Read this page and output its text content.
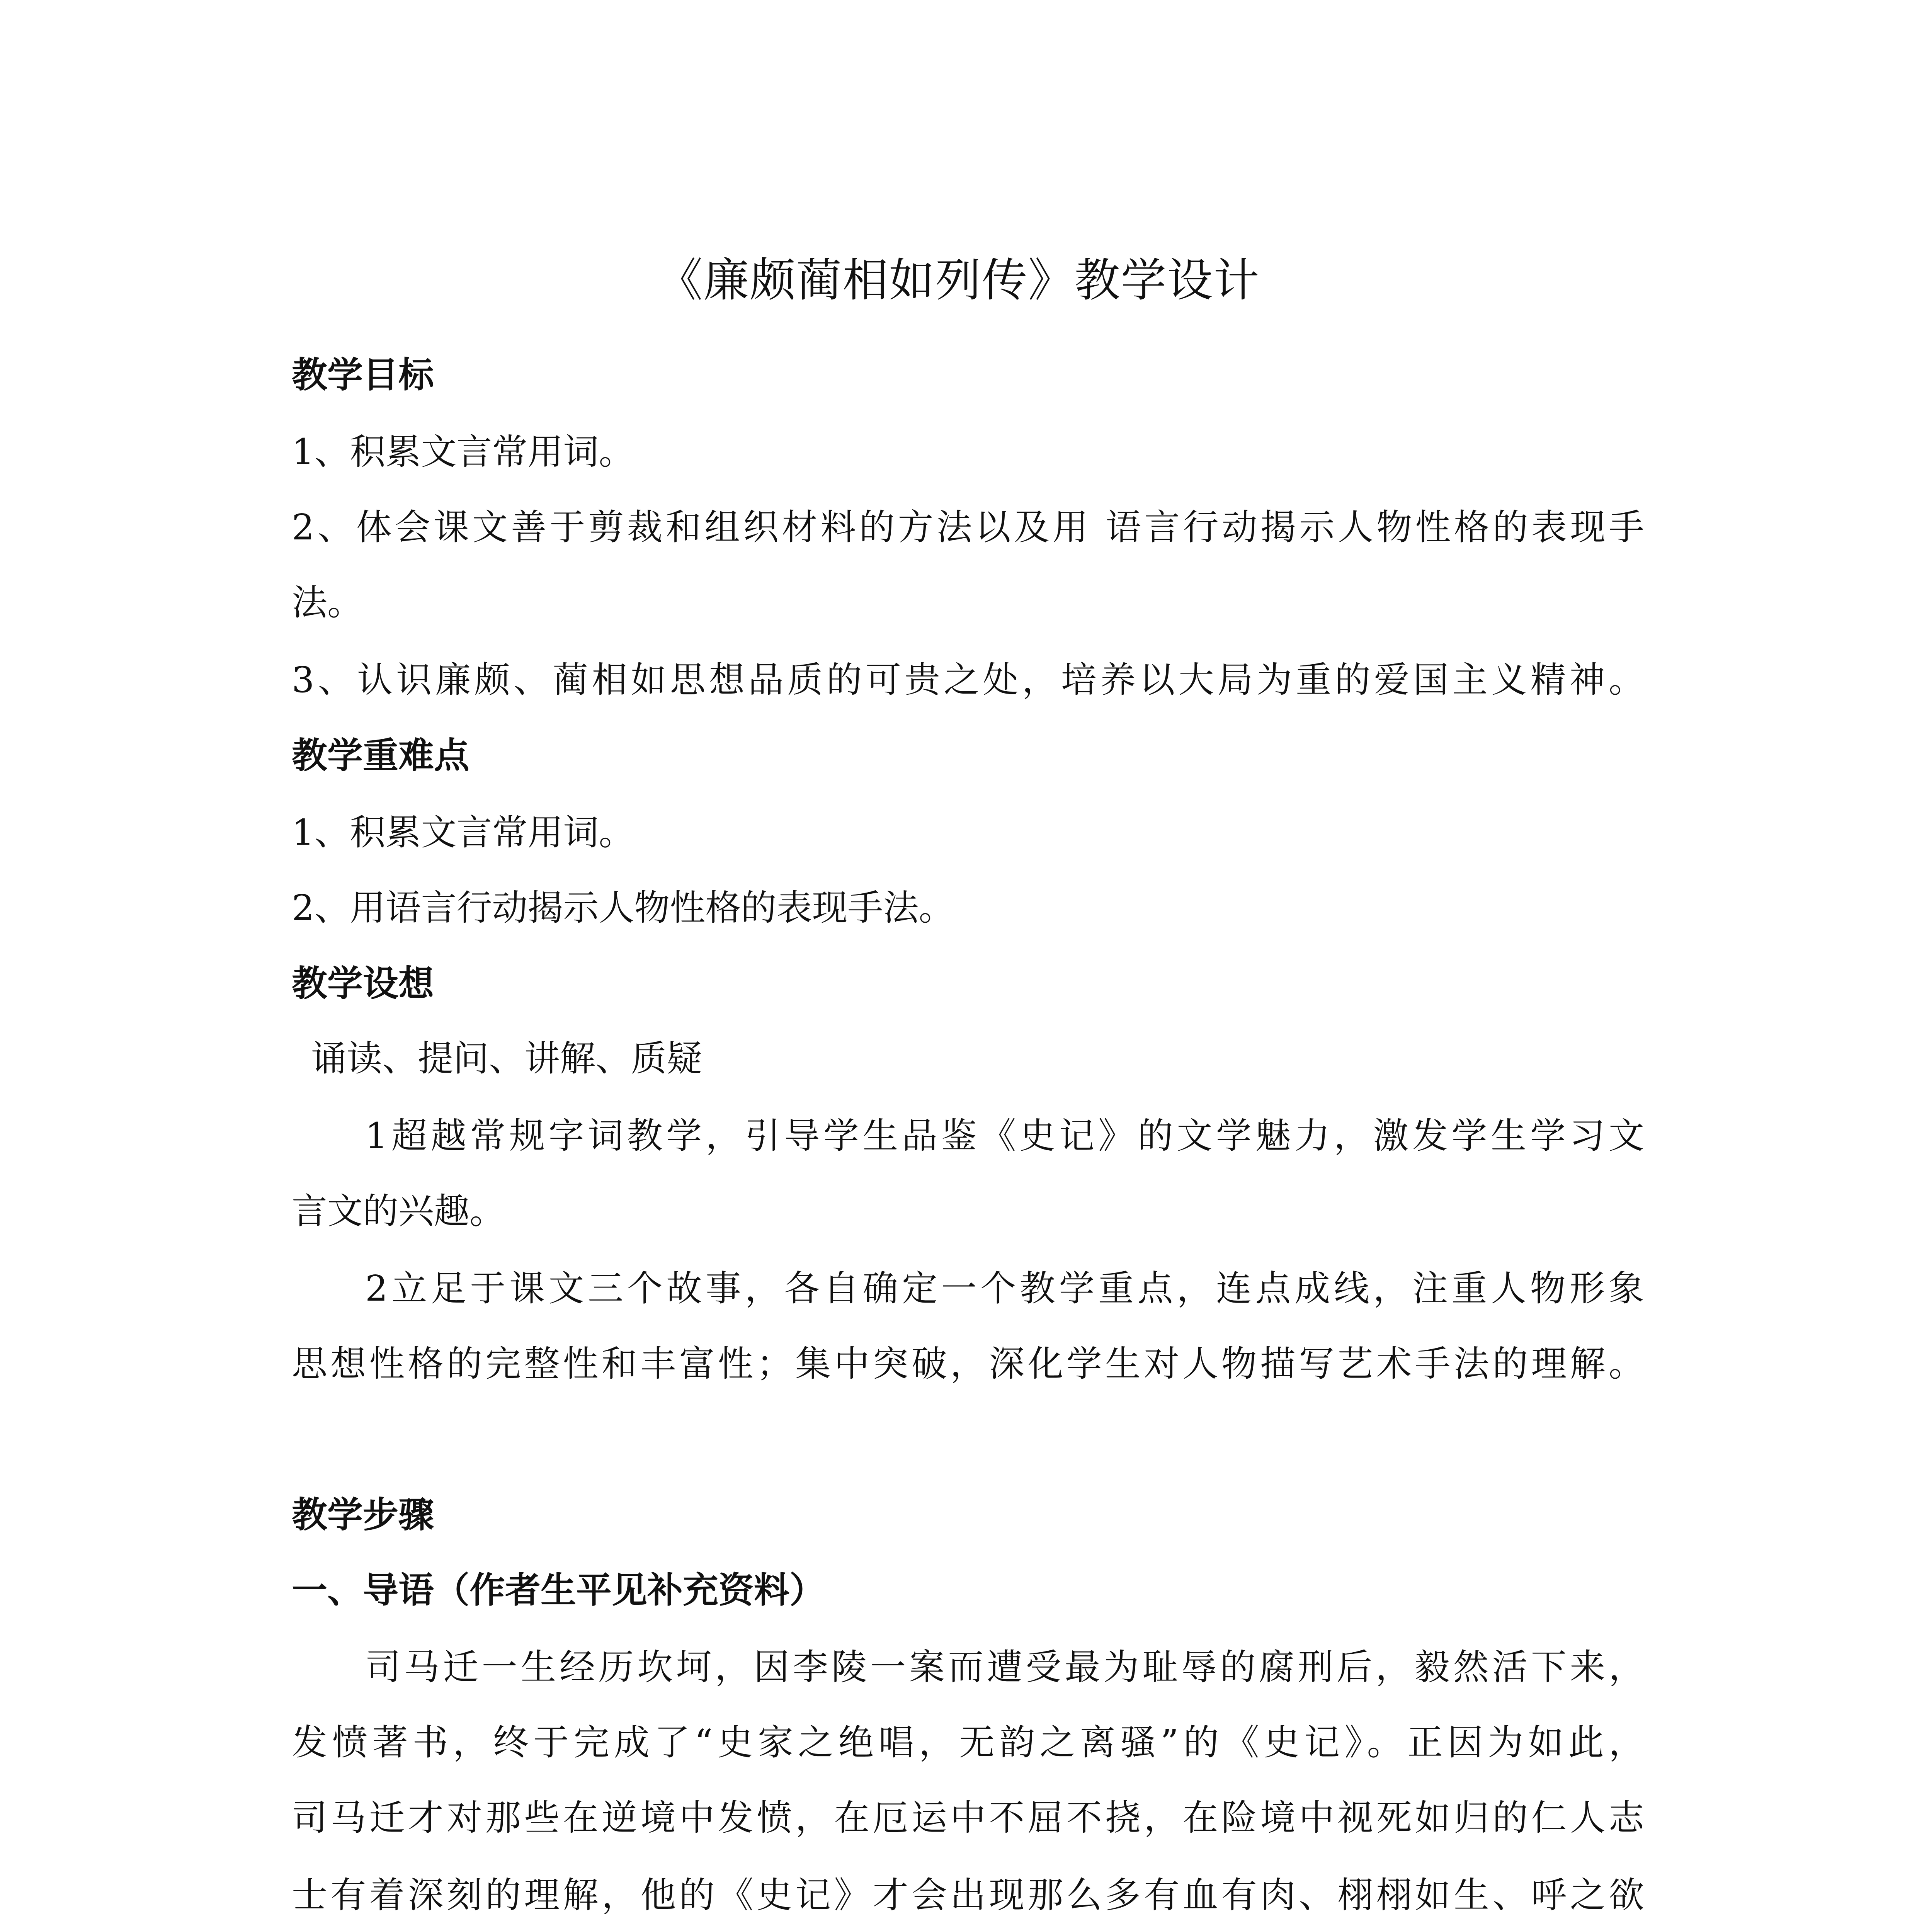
《廉颇蔺相如列传》教学设计
教学目标
1、积累文言常用词。
2、体会课文善于剪裁和组织材料的方法以及用 语言行动揭示人物性格的表现手
法。
3、认识廉颇、蔺相如思想品质的可贵之处，培养以大局为重的爱国主义精神。
教学重难点
1、积累文言常用词。
2、用语言行动揭示人物性格的表现手法。
教学设想
诵读、提问、讲解、质疑
1超越常规字词教学，引导学生品鉴《史记》的文学魅力，激发学生学习文
言文的兴趣。
2立足于课文三个故事，各自确定一个教学重点，连点成线，注重人物形象
思想性格的完整性和丰富性；集中突破，深化学生对人物描写艺术手法的理解。
教学步骤
一、导语（作者生平见补充资料）
司马迁一生经历坎坷，因李陵一案而遭受最为耻辱的腐刑后，毅然活下来，
发愤著书，终于完成了“史家之绝唱，无韵之离骚”的《史记》。正因为如此，
司马迁才对那些在逆境中发愤，在厄运中不屈不挠，在险境中视死如归的仁人志
士有着深刻的理解，他的《史记》才会出现那么多有血有肉、栩栩如生、呼之欲
